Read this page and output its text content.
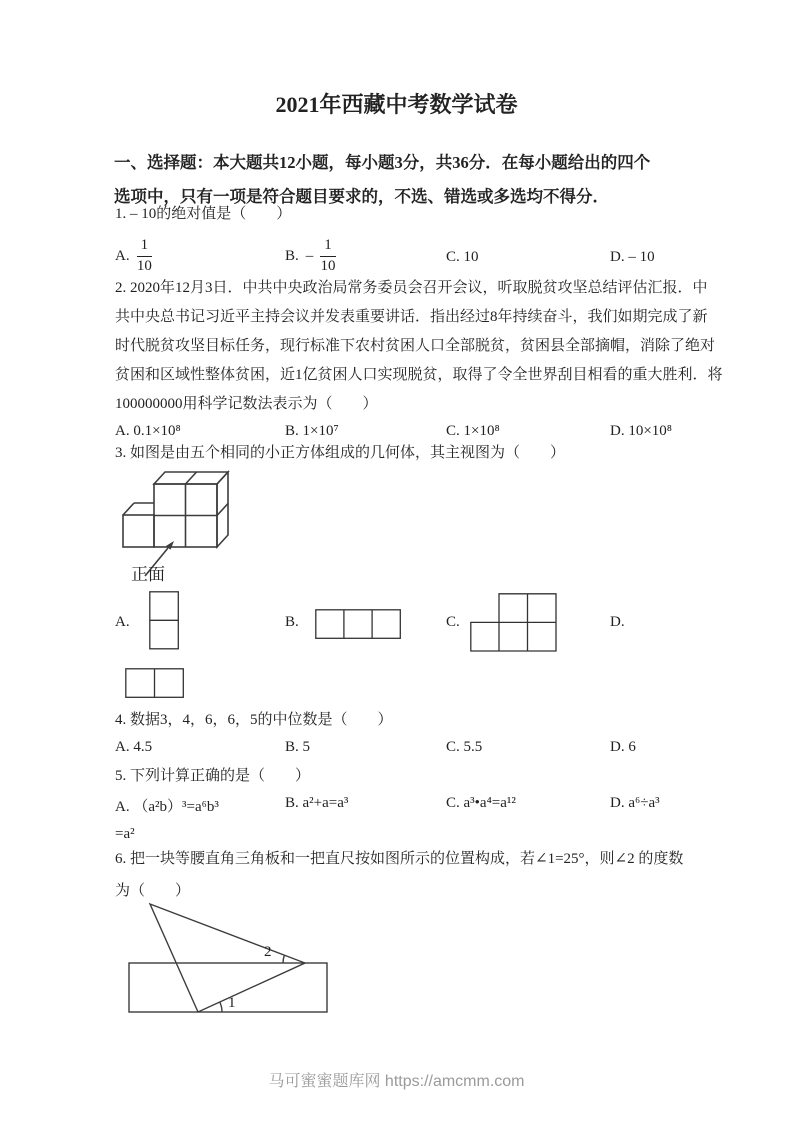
2021年西藏中考数学试卷
一、选择题：本大题共12小题，每小题3分，共36分．在每小题给出的四个
选项中，只有一项是符合题目要求的，不选、错选或多选均不得分．
1. – 10的绝对值是（　　）
A. $\frac{1}{10}$	B. – $\frac{1}{10}$	C. 10	D. – 10
2. 2020年12月3日．中共中央政治局常务委员会召开会议，听取脱贫攻坚总结评估汇报．中
共中央总书记习近平主持会议并发表重要讲话．指出经过8年持续奋斗，我们如期完成了新
时代脱贫攻坚目标任务，现行标准下农村贫困人口全部脱贫，贫困县全部摘帽，消除了绝对
贫困和区域性整体贫困，近1亿贫困人口实现脱贫，取得了令全世界刮目相看的重大胜利．将
100000000用科学记数法表示为（　　）
A. 0.1×10⁸	B. 1×10⁷	C. 1×10⁸	D. 10×10⁸
3. 如图是由五个相同的小正方体组成的几何体，其主视图为（　　）
正面
A.	B.	C.	D.
4. 数据3，4，6，6，5的中位数是（　　）
A. 4.5	B. 5	C. 5.5	D. 6
5. 下列计算正确的是（　　）
A. （a²b）³=a⁶b³	B. a²+a=a³	C. a³•a⁴=a¹²	D. a⁶÷a³
=a²
6. 把一块等腰直角三角板和一把直尺按如图所示的位置构成，若∠1=25°，则∠2 的度数
为（　　）
2
1
马可蜜蜜题库网 https://amcmm.com
